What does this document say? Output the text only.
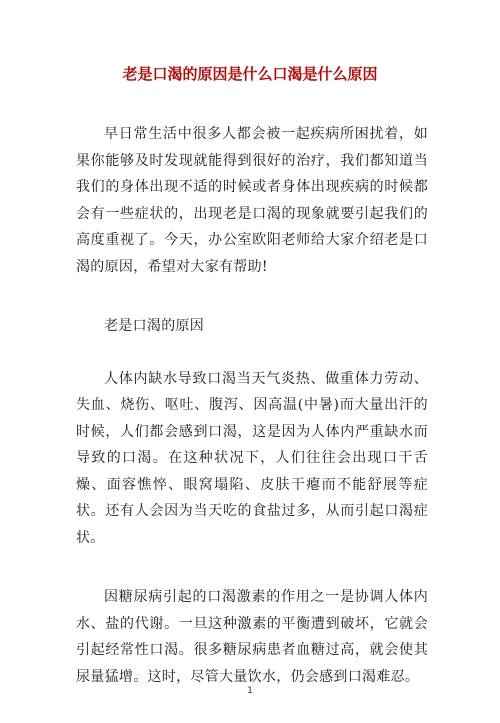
老是口渴的原因是什么口渴是什么原因

早日常生活中很多人都会被一起疾病所困扰着，如果你能够及时发现就能得到很好的治疗，我们都知道当我们的身体出现不适的时候或者身体出现疾病的时候都会有一些症状的，出现老是口渴的现象就要引起我们的高度重视了。今天，办公室欧阳老师给大家介绍老是口渴的原因，希望对大家有帮助!

老是口渴的原因

人体内缺水导致口渴当天气炎热、做重体力劳动、失血、烧伤、呕吐、腹泻、因高温(中暑)而大量出汗的时候，人们都会感到口渴，这是因为人体内严重缺水而导致的口渴。在这种状况下，人们往往会出现口干舌燥、面容憔悴、眼窝塌陷、皮肤干瘪而不能舒展等症状。还有人会因为当天吃的食盐过多，从而引起口渴症状。

因糖尿病引起的口渴激素的作用之一是协调人体内水、盐的代谢。一旦这种激素的平衡遭到破坏，它就会引起经常性口渴。很多糖尿病患者血糖过高，就会使其尿量猛增。这时，尽管大量饮水，仍会感到口渴难忍。

1
